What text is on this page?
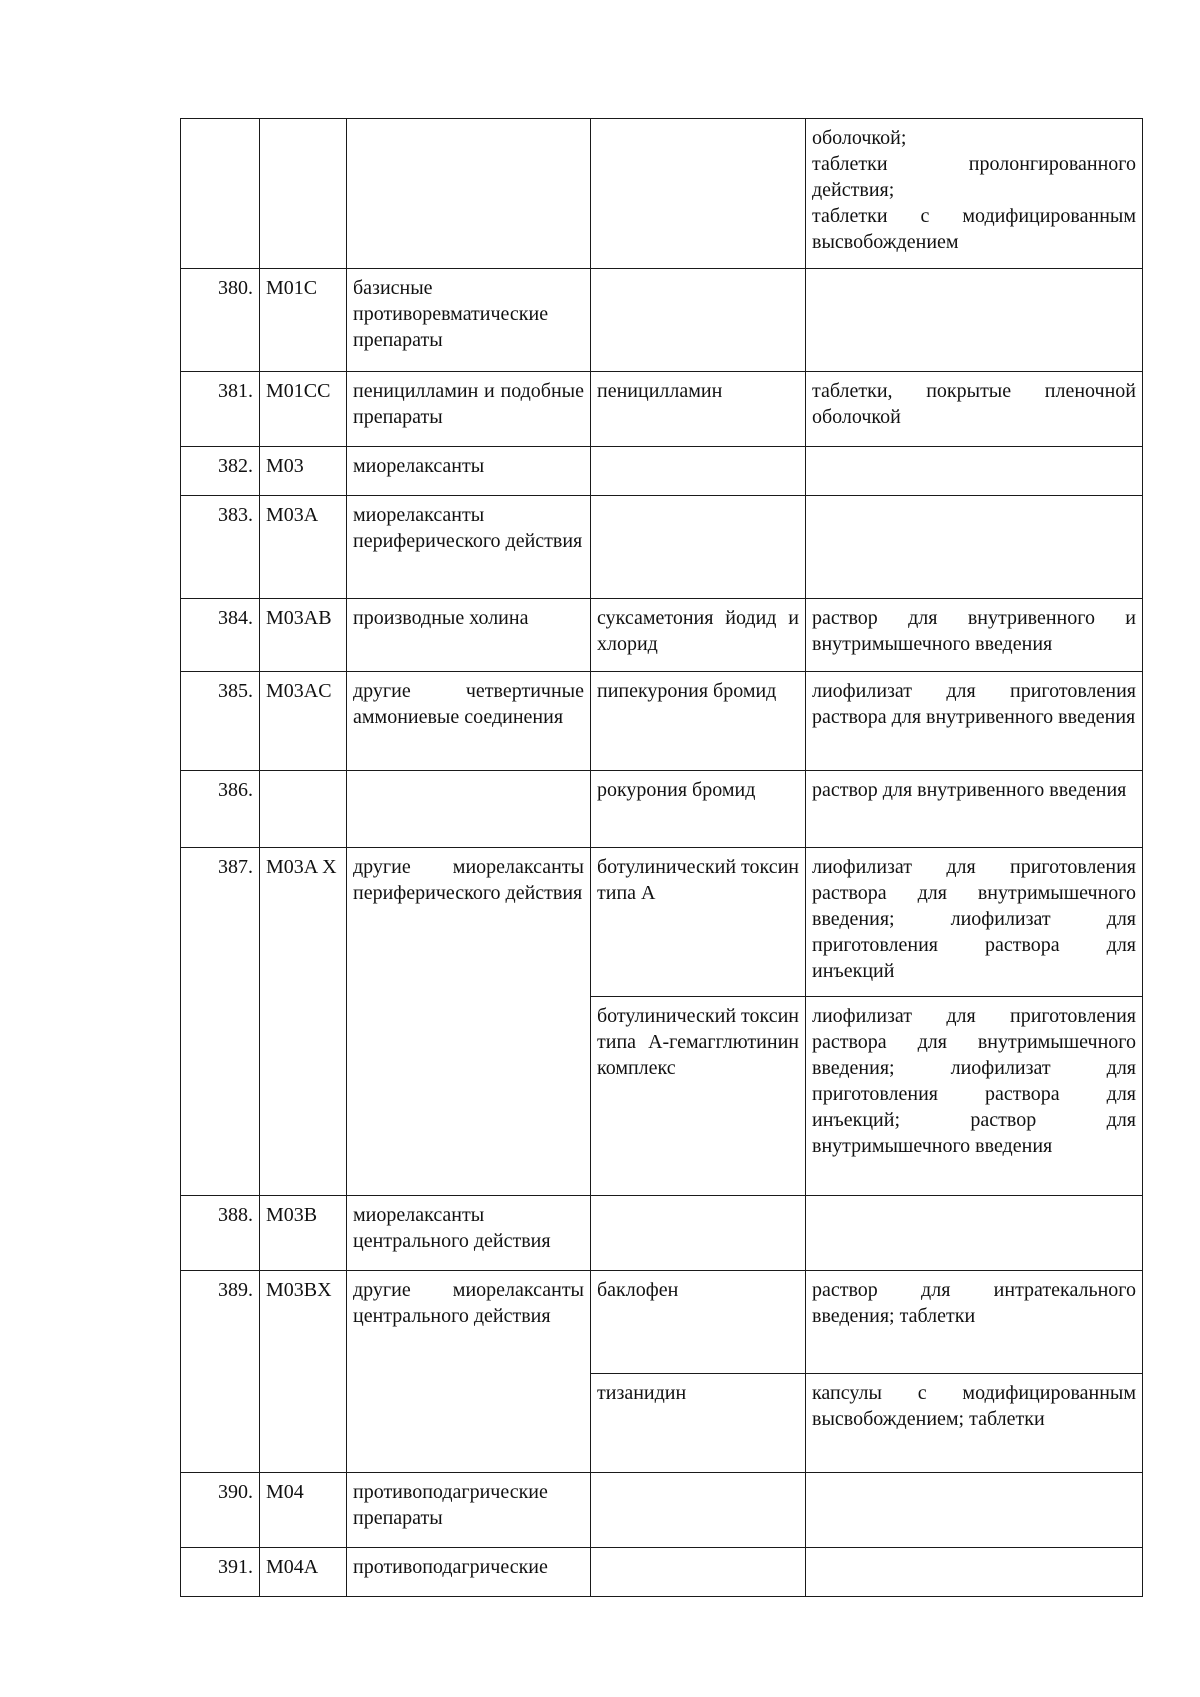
				оболочкой;
таблетки пролонгированного
действия;
таблетки с модифицированным
высвобождением

380.	M01C	базисные противоревматические препараты		
381.	M01CC	пеницилламин и подобные препараты	пеницилламин	таблетки, покрытые пленочной оболочкой
382.	M03	миорелаксанты		
383.	M03A	миорелаксанты периферического действия		
384.	M03AB	производные холина	суксаметония йодид и хлорид	раствор для внутривенного и внутримышечного введения
385.	M03AC	другие четвертичные аммониевые соединения	пипекурония бромид	лиофилизат для приготовления раствора для внутривенного введения
386.			рокурония бромид	раствор для внутривенного введения
387.	M03A X	другие миорелаксанты периферического действия	ботулинический токсин типа А	лиофилизат для приготовления раствора для внутримышечного введения; лиофилизат для приготовления раствора для инъекций
			ботулинический токсин типа А-гемагглютинин комплекс	лиофилизат для приготовления раствора для внутримышечного введения; лиофилизат для приготовления раствора для инъекций; раствор для внутримышечного введения
388.	M03B	миорелаксанты центрального действия		
389.	M03BX	другие миорелаксанты центрального действия	баклофен	раствор для интратекального введения; таблетки
			тизанидин	капсулы с модифицированным высвобождением; таблетки
390.	M04	противоподагрические препараты		
391.	M04A	противоподагрические		
